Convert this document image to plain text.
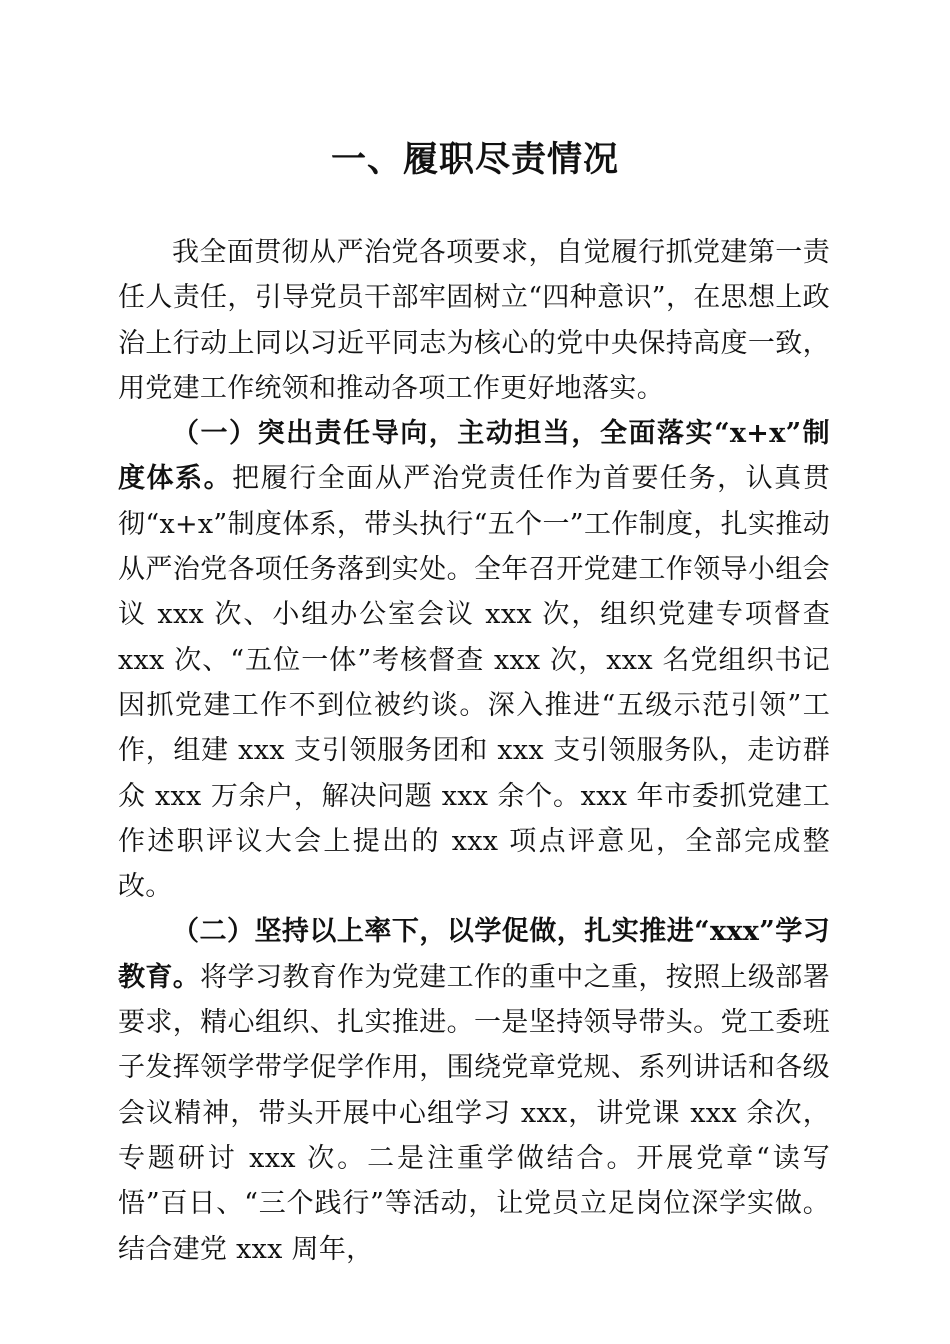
一、履职尽责情况

我全面贯彻从严治党各项要求，自觉履行抓党建第一责任人责任，引导党员干部牢固树立“四种意识”，在思想上政治上行动上同以习近平同志为核心的党中央保持高度一致，用党建工作统领和推动各项工作更好地落实。

（一）突出责任导向，主动担当，全面落实“x+x”制度体系。把履行全面从严治党责任作为首要任务，认真贯彻“x+x”制度体系，带头执行“五个一”工作制度，扎实推动从严治党各项任务落到实处。全年召开党建工作领导小组会议 xxx 次、小组办公室会议 xxx 次，组织党建专项督查 xxx 次、“五位一体”考核督查 xxx 次，xxx 名党组织书记因抓党建工作不到位被约谈。深入推进“五级示范引领”工作，组建 xxx 支引领服务团和 xxx 支引领服务队，走访群众 xxx 万余户，解决问题 xxx 余个。xxx 年市委抓党建工作述职评议大会上提出的 xxx 项点评意见，全部完成整改。

（二）坚持以上率下，以学促做，扎实推进“xxx”学习教育。将学习教育作为党建工作的重中之重，按照上级部署要求，精心组织、扎实推进。一是坚持领导带头。党工委班子发挥领学带学促学作用，围绕党章党规、系列讲话和各级会议精神，带头开展中心组学习 xxx，讲党课 xxx 余次，专题研讨 xxx 次。二是注重学做结合。开展党章“读写悟”百日、“三个践行”等活动，让党员立足岗位深学实做。结合建党 xxx 周年，
